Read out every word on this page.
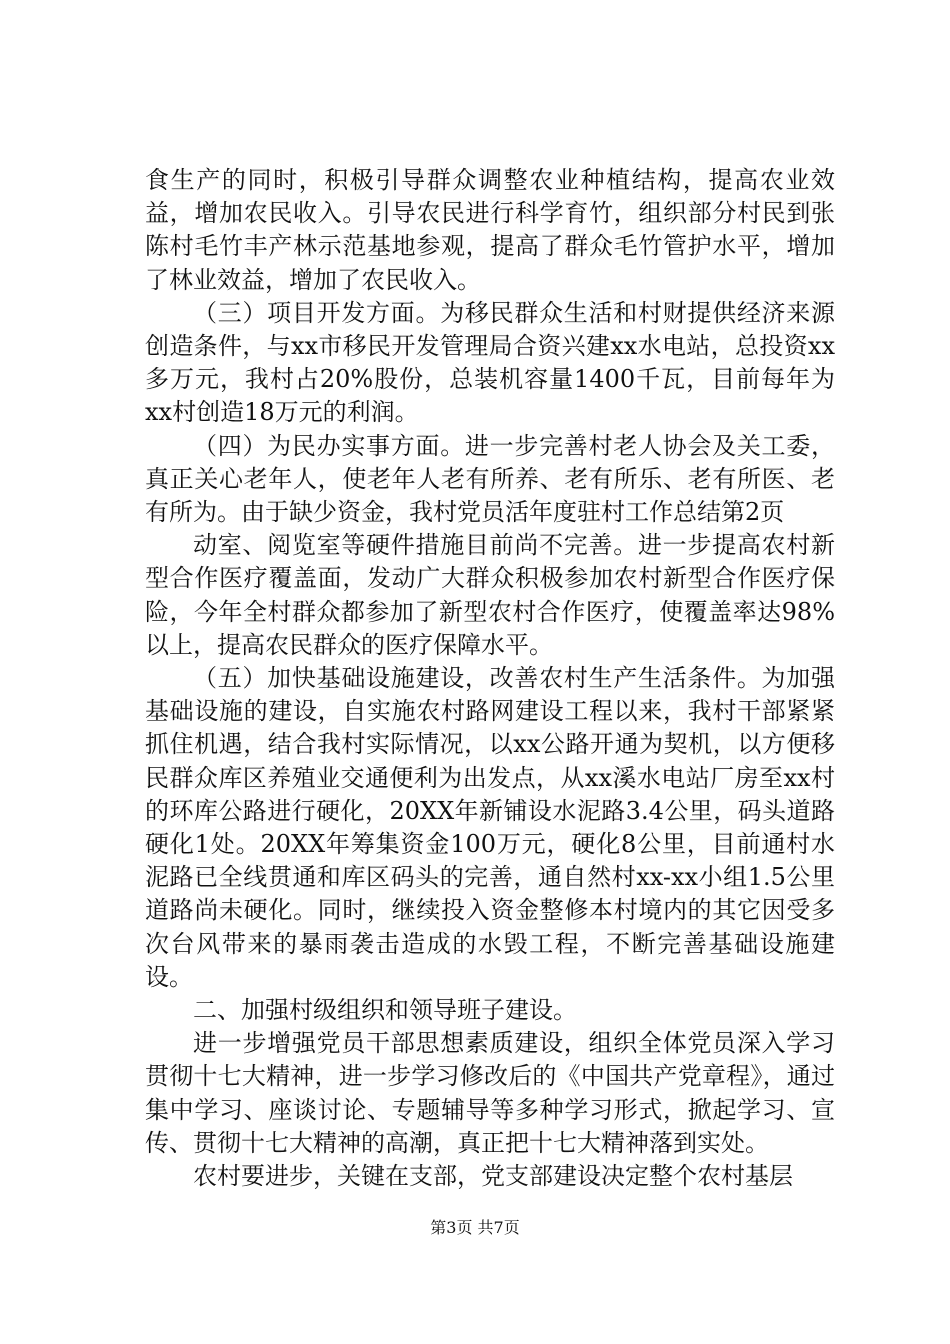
食生产的同时，积极引导群众调整农业种植结构，提高农业效益，增加农民收入。引导农民进行科学育竹，组织部分村民到张陈村毛竹丰产林示范基地参观，提高了群众毛竹管护水平，增加了林业效益，增加了农民收入。

（三）项目开发方面。为移民群众生活和村财提供经济来源创造条件，与xx市移民开发管理局合资兴建xx水电站，总投资xx多万元，我村占20%股份，总装机容量1400千瓦，目前每年为xx村创造18万元的利润。

（四）为民办实事方面。进一步完善村老人协会及关工委，真正关心老年人，使老年人老有所养、老有所乐、老有所医、老有所为。由于缺少资金，我村党员活年度驻村工作总结第2页

动室、阅览室等硬件措施目前尚不完善。进一步提高农村新型合作医疗覆盖面，发动广大群众积极参加农村新型合作医疗保险，今年全村群众都参加了新型农村合作医疗，使覆盖率达98%以上，提高农民群众的医疗保障水平。

（五）加快基础设施建设，改善农村生产生活条件。为加强基础设施的建设，自实施农村路网建设工程以来，我村干部紧紧抓住机遇，结合我村实际情况，以xx公路开通为契机，以方便移民群众库区养殖业交通便利为出发点，从xx溪水电站厂房至xx村的环库公路进行硬化，20XX年新铺设水泥路3.4公里，码头道路硬化1处。20XX年筹集资金100万元，硬化8公里，目前通村水泥路已全线贯通和库区码头的完善，通自然村xx-xx小组1.5公里道路尚未硬化。同时，继续投入资金整修本村境内的其它因受多次台风带来的暴雨袭击造成的水毁工程，不断完善基础设施建设。

二、加强村级组织和领导班子建设。

进一步增强党员干部思想素质建设，组织全体党员深入学习贯彻十七大精神，进一步学习修改后的《中国共产党章程》，通过集中学习、座谈讨论、专题辅导等多种学习形式，掀起学习、宣传、贯彻十七大精神的高潮，真正把十七大精神落到实处。

农村要进步，关键在支部，党支部建设决定整个农村基层

第3页 共7页
